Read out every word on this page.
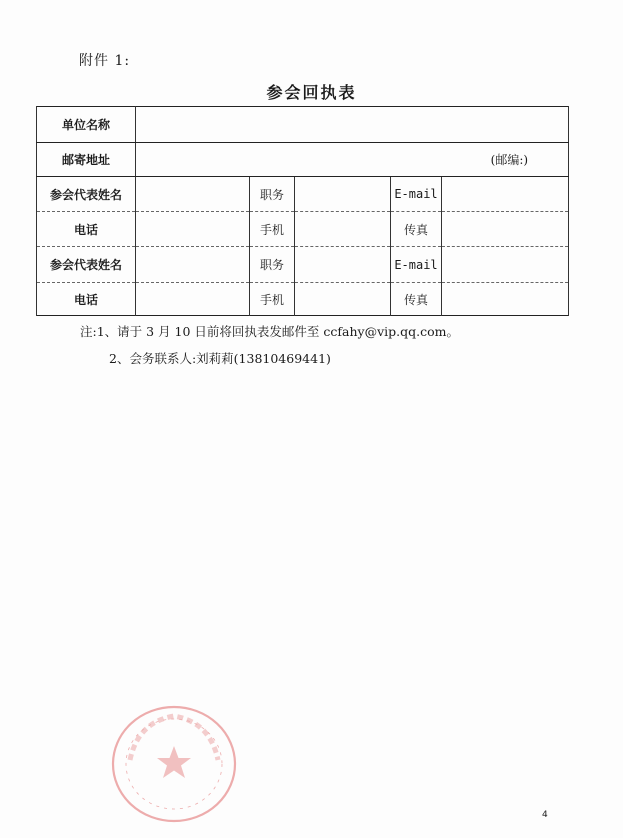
附件 1:
参会回执表
单位名称					
邮寄地址	(邮编:)				
参会代表姓名		职务		E-mail	
电话		手机		传真	
参会代表姓名		职务		E-mail	
电话		手机		传真	
注:1、请于 3 月 10 日前将回执表发邮件至 ccfahy@vip.qq.com。
2、会务联系人:刘莉莉(13810469441)
4
